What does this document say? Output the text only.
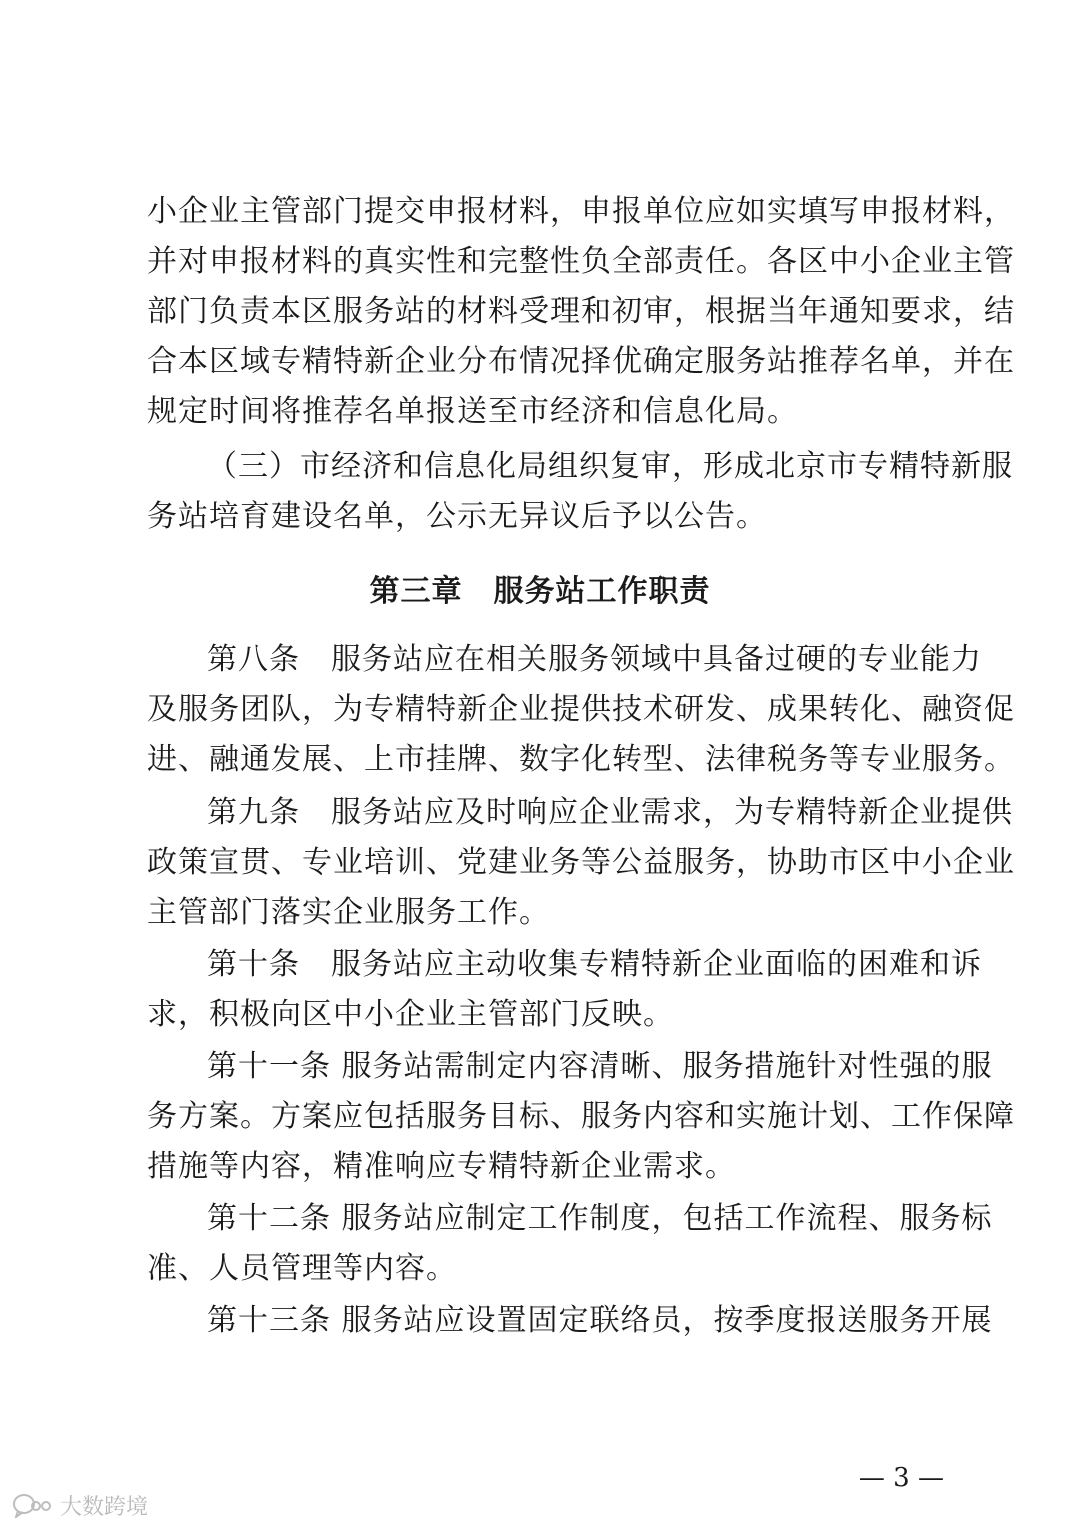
小企业主管部门提交申报材料，申报单位应如实填写申报材料，
并对申报材料的真实性和完整性负全部责任。各区中小企业主管
部门负责本区服务站的材料受理和初审，根据当年通知要求，结
合本区域专精特新企业分布情况择优确定服务站推荐名单，并在
规定时间将推荐名单报送至市经济和信息化局。
（三）市经济和信息化局组织复审，形成北京市专精特新服
务站培育建设名单，公示无异议后予以公告。
第三章　服务站工作职责
第八条　服务站应在相关服务领域中具备过硬的专业能力
及服务团队，为专精特新企业提供技术研发、成果转化、融资促
进、融通发展、上市挂牌、数字化转型、法律税务等专业服务。
第九条　服务站应及时响应企业需求，为专精特新企业提供
政策宣贯、专业培训、党建业务等公益服务，协助市区中小企业
主管部门落实企业服务工作。
第十条　服务站应主动收集专精特新企业面临的困难和诉
求，积极向区中小企业主管部门反映。
第十一条 服务站需制定内容清晰、服务措施针对性强的服
务方案。方案应包括服务目标、服务内容和实施计划、工作保障
措施等内容，精准响应专精特新企业需求。
第十二条 服务站应制定工作制度，包括工作流程、服务标
准、人员管理等内容。
第十三条 服务站应设置固定联络员，按季度报送服务开展
— 3 —
大数跨境
